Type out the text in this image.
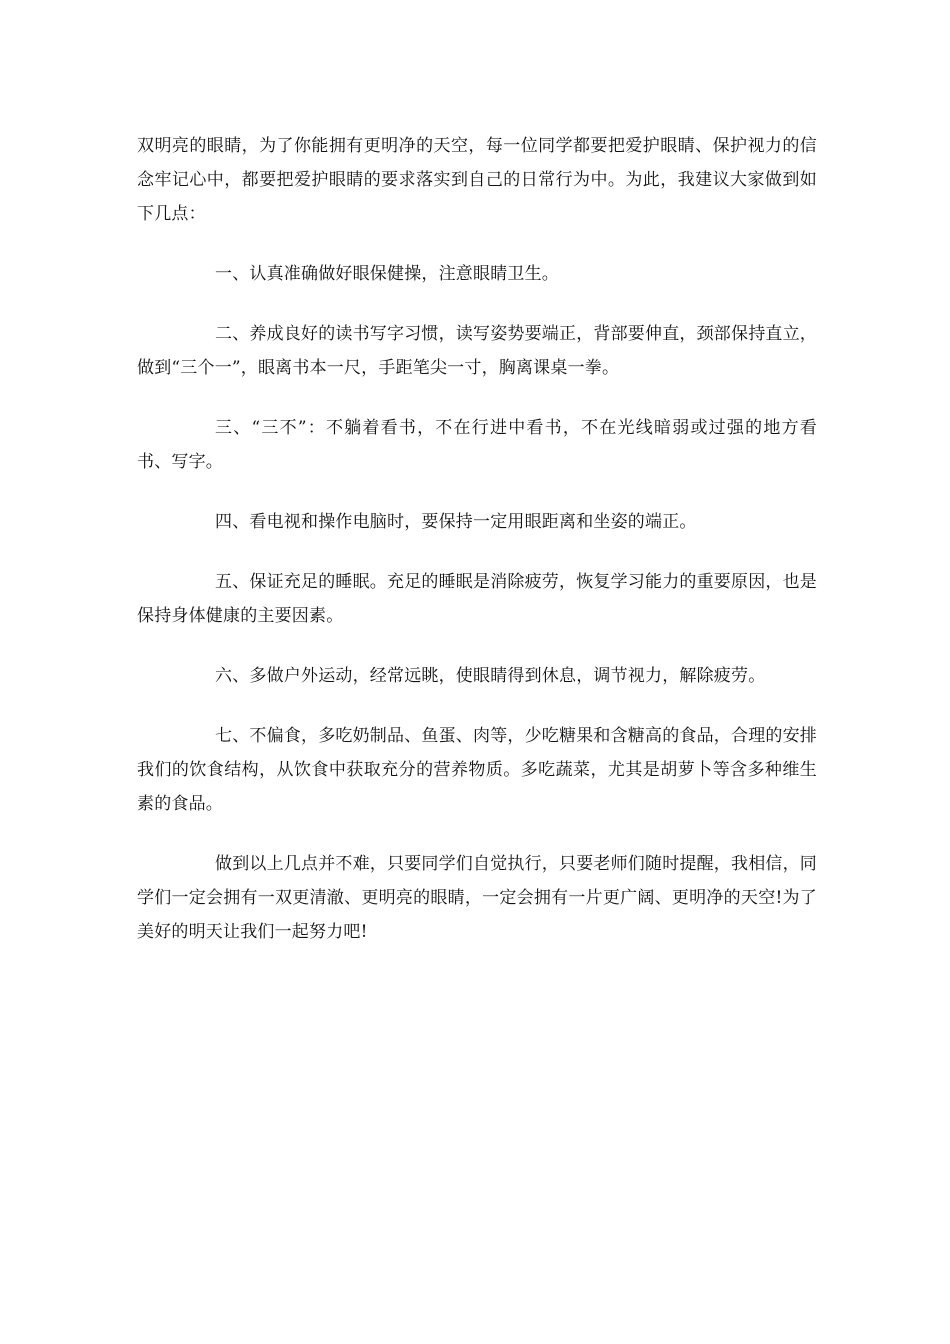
双明亮的眼睛，为了你能拥有更明净的天空，每一位同学都要把爱护眼睛、保护视力的信念牢记心中，都要把爱护眼睛的要求落实到自己的日常行为中。为此，我建议大家做到如下几点：

一、认真准确做好眼保健操，注意眼睛卫生。

二、养成良好的读书写字习惯，读写姿势要端正，背部要伸直，颈部保持直立，做到“三个一”，眼离书本一尺，手距笔尖一寸，胸离课桌一拳。

三、“三不”：不躺着看书，不在行进中看书，不在光线暗弱或过强的地方看书、写字。

四、看电视和操作电脑时，要保持一定用眼距离和坐姿的端正。

五、保证充足的睡眠。充足的睡眠是消除疲劳，恢复学习能力的重要原因，也是保持身体健康的主要因素。

六、多做户外运动，经常远眺，使眼睛得到休息，调节视力，解除疲劳。

七、不偏食，多吃奶制品、鱼蛋、肉等，少吃糖果和含糖高的食品，合理的安排我们的饮食结构，从饮食中获取充分的营养物质。多吃蔬菜，尤其是胡萝卜等含多种维生素的食品。

做到以上几点并不难，只要同学们自觉执行，只要老师们随时提醒，我相信，同学们一定会拥有一双更清澈、更明亮的眼睛，一定会拥有一片更广阔、更明净的天空!为了美好的明天让我们一起努力吧!
